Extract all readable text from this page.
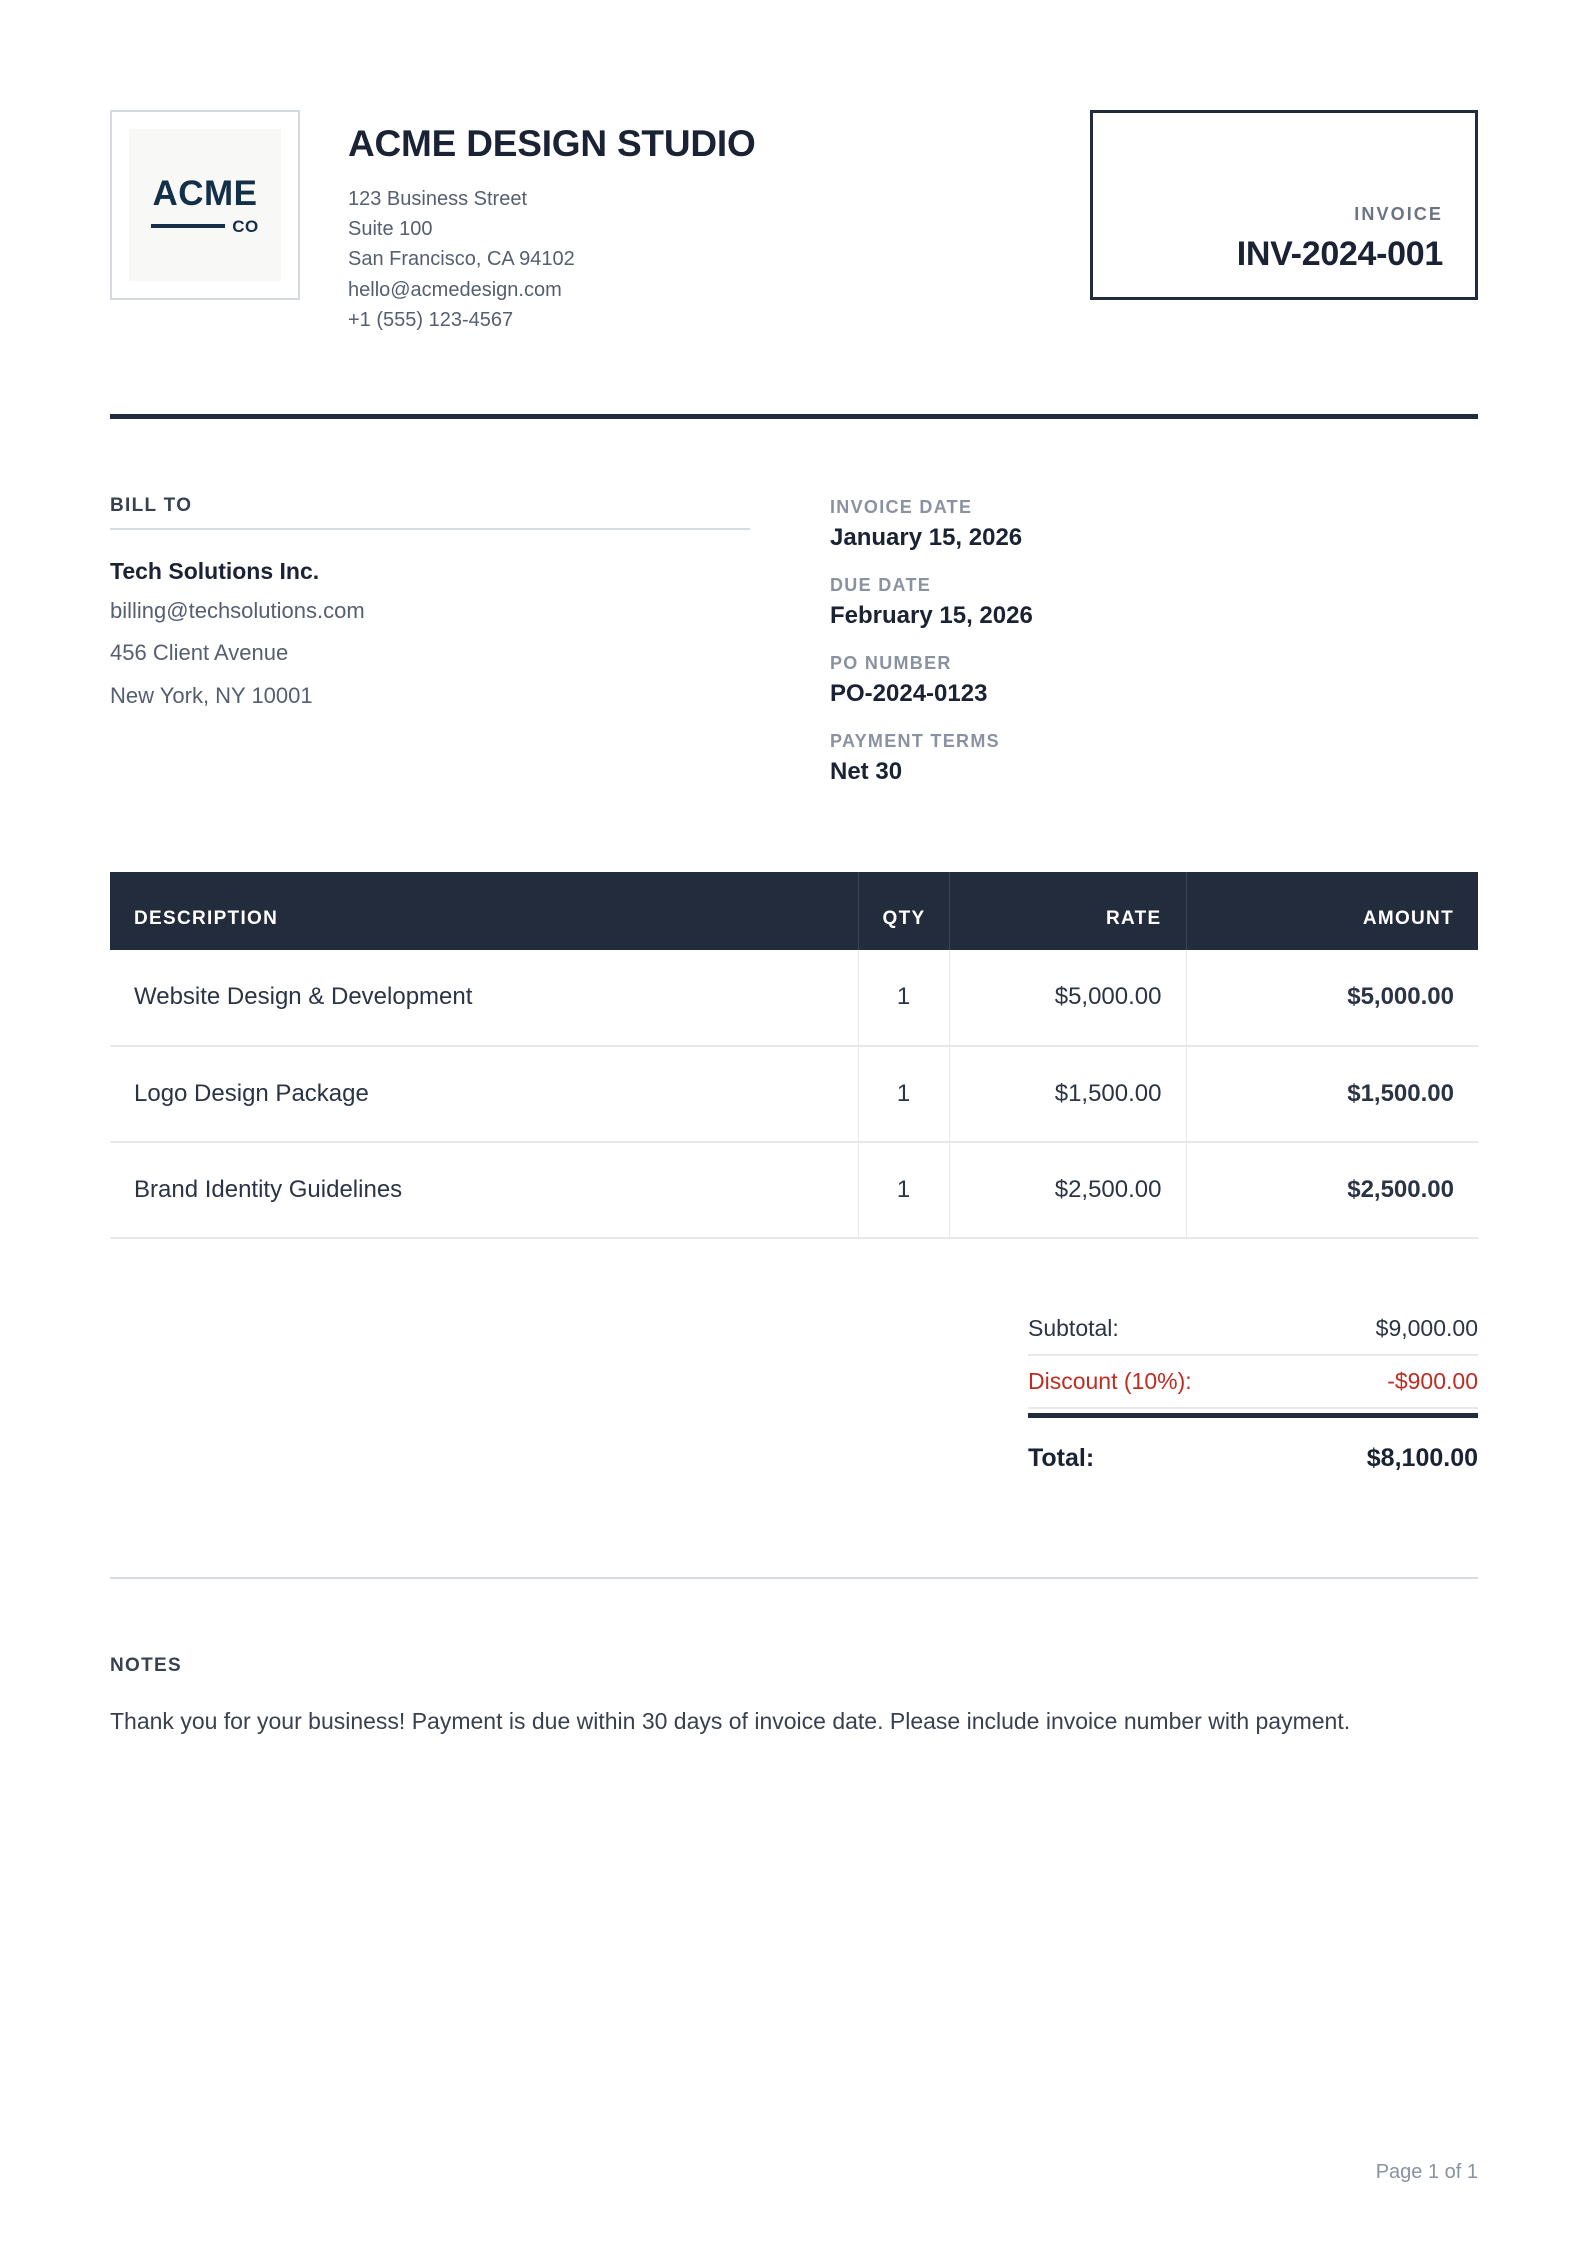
ACME
CO
ACME DESIGN STUDIO
123 Business Street
Suite 100
San Francisco, CA 94102
hello@acmedesign.com
+1 (555) 123-4567
INVOICE
INV-2024-001
BILL TO
Tech Solutions Inc.
billing@techsolutions.com
456 Client Avenue
New York, NY 10001
INVOICE DATE
January 15, 2026
DUE DATE
February 15, 2026
PO NUMBER
PO-2024-0123
PAYMENT TERMS
Net 30
DESCRIPTION	QTY	RATE	AMOUNT
Website Design & Development	1	$5,000.00	$5,000.00
Logo Design Package	1	$1,500.00	$1,500.00
Brand Identity Guidelines	1	$2,500.00	$2,500.00
Subtotal:	$9,000.00
Discount (10%):	-$900.00
Total:	$8,100.00
NOTES
Thank you for your business! Payment is due within 30 days of invoice date. Please include invoice number with payment.
Page 1 of 1
